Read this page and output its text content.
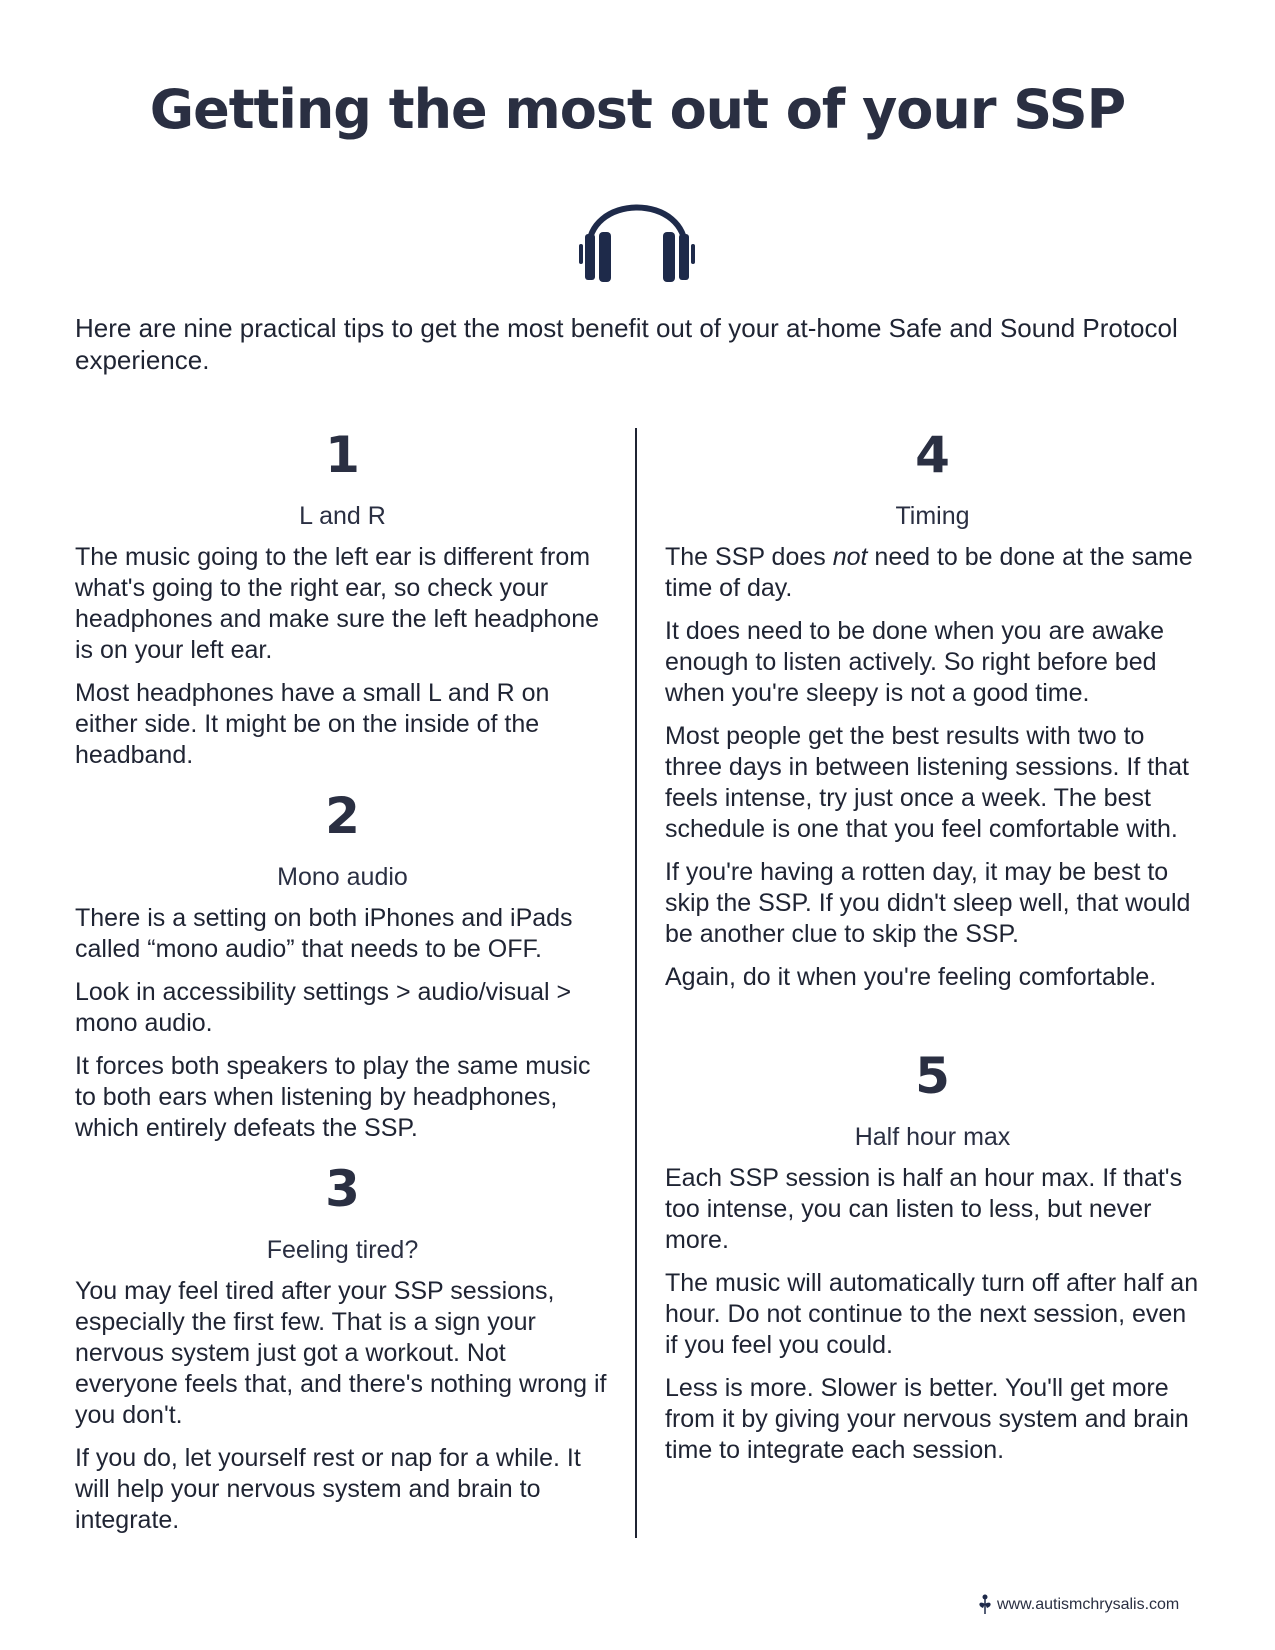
Getting the most out of your SSP
Here are nine practical tips to get the most benefit out of your at-home Safe and Sound Protocol experience.
1
L and R

The music going to the left ear is different from what's going to the right ear, so check your headphones and make sure the left headphone is on your left ear.

Most headphones have a small L and R on either side. It might be on the inside of the headband.

2
Mono audio

There is a setting on both iPhones and iPads called “mono audio” that needs to be OFF.

Look in accessibility settings > audio/visual > mono audio.

It forces both speakers to play the same music to both ears when listening by headphones, which entirely defeats the SSP.

3
Feeling tired?

You may feel tired after your SSP sessions, especially the first few. That is a sign your nervous system just got a workout. Not everyone feels that, and there's nothing wrong if you don't.

If you do, let yourself rest or nap for a while. It will help your nervous system and brain to integrate.

4
Timing

The SSP does not need to be done at the same time of day.

It does need to be done when you are awake enough to listen actively. So right before bed when you're sleepy is not a good time.

Most people get the best results with two to three days in between listening sessions. If that feels intense, try just once a week. The best schedule is one that you feel comfortable with.

If you're having a rotten day, it may be best to skip the SSP. If you didn't sleep well, that would be another clue to skip the SSP.

Again, do it when you're feeling comfortable.

5
Half hour max

Each SSP session is half an hour max. If that's too intense, you can listen to less, but never more.

The music will automatically turn off after half an hour. Do not continue to the next session, even if you feel you could.

Less is more. Slower is better. You'll get more from it by giving your nervous system and brain time to integrate each session.

www.autismchrysalis.com
